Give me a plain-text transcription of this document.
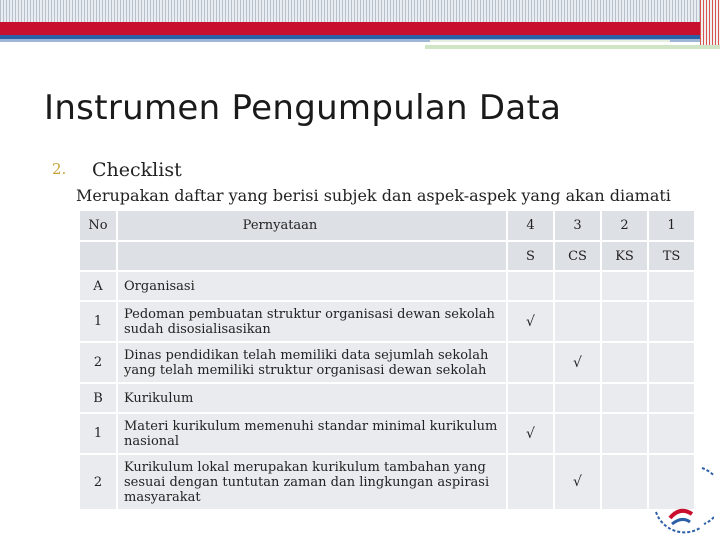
Instrumen Pengumpulan Data
2. Checklist
Merupakan daftar yang berisi subjek dan aspek-aspek yang akan diamati
No	Pernyataan	4	3	2	1
		S	CS	KS	TS
A	Organisasi				
1	Pedoman pembuatan struktur organisasi dewan sekolah sudah disosialisasikan	√			
2	Dinas pendidikan telah memiliki data sejumlah sekolah yang telah memiliki struktur organisasi dewan sekolah		√		
B	Kurikulum				
1	Materi kurikulum memenuhi standar minimal kurikulum nasional	√			
2	Kurikulum lokal merupakan kurikulum tambahan yang sesuai dengan tuntutan zaman dan lingkungan aspirasi masyarakat		√		
